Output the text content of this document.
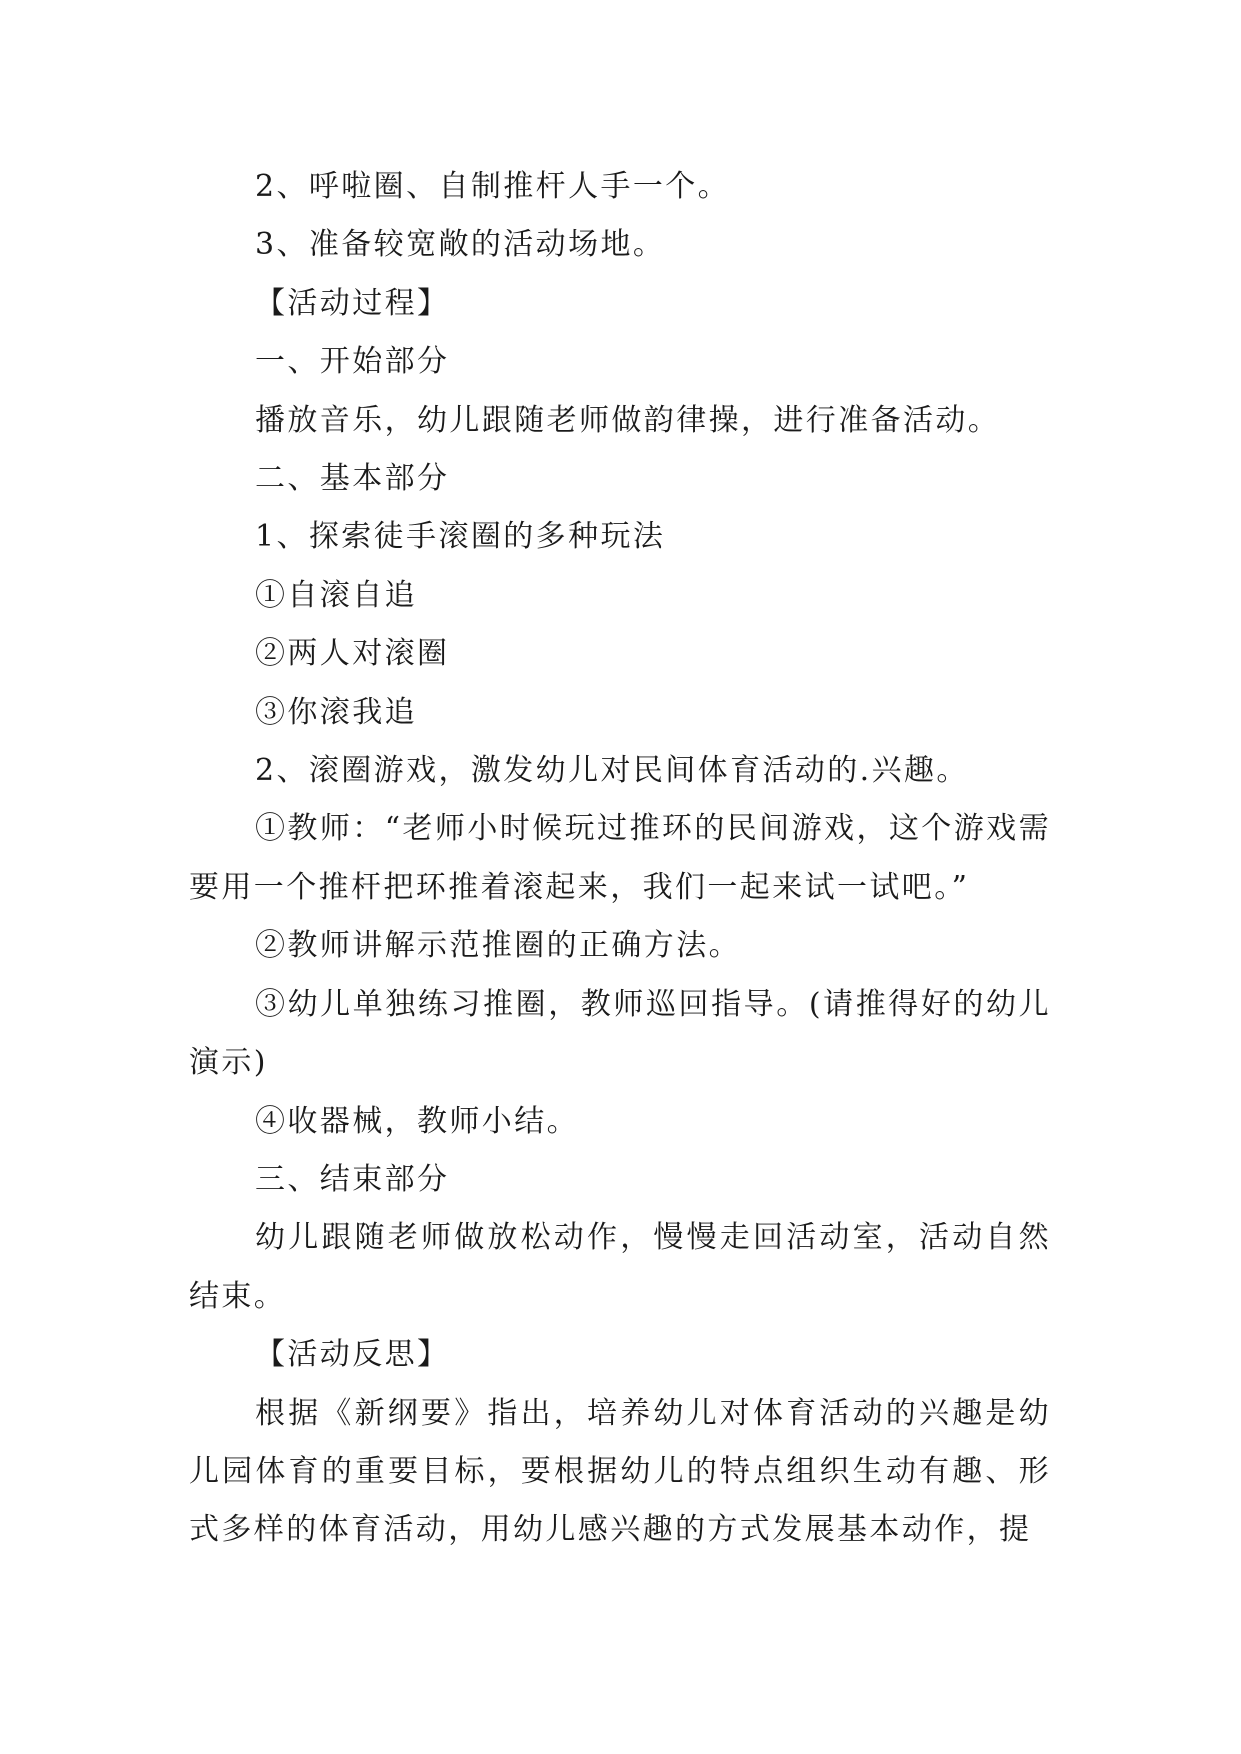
2、呼啦圈、自制推杆人手一个。

3、准备较宽敞的活动场地。

【活动过程】

一、开始部分

播放音乐，幼儿跟随老师做韵律操，进行准备活动。

二、基本部分

1、探索徒手滚圈的多种玩法

①自滚自追

②两人对滚圈

③你滚我追

2、滚圈游戏，激发幼儿对民间体育活动的.兴趣。

①教师：“老师小时候玩过推环的民间游戏，这个游戏需要用一个推杆把环推着滚起来，我们一起来试一试吧。”

②教师讲解示范推圈的正确方法。

③幼儿单独练习推圈，教师巡回指导。(请推得好的幼儿演示)

④收器械，教师小结。

三、结束部分

幼儿跟随老师做放松动作，慢慢走回活动室，活动自然结束。

【活动反思】

根据《新纲要》指出，培养幼儿对体育活动的兴趣是幼儿园体育的重要目标，要根据幼儿的特点组织生动有趣、形式多样的体育活动，用幼儿感兴趣的方式发展基本动作，提
